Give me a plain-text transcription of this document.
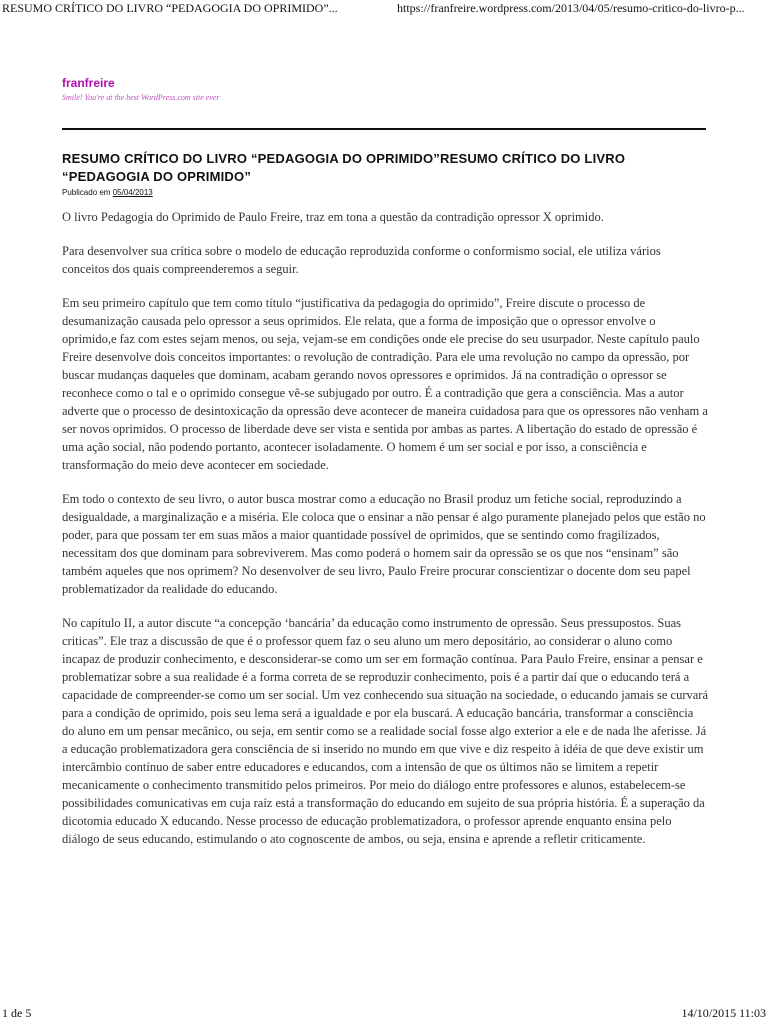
RESUMO CRÍTICO DO LIVRO “PEDAGOGIA DO OPRIMIDO”...	https://franfreire.wordpress.com/2013/04/05/resumo-critico-do-livro-p...
franfreire
Smile! You're at the best WordPress.com site ever
RESUMO CRÍTICO DO LIVRO “PEDAGOGIA DO OPRIMIDO”RESUMO CRÍTICO DO LIVRO “PEDAGOGIA DO OPRIMIDO”
Publicado em 05/04/2013

O livro Pedagogia do Oprimido de Paulo Freire, traz em tona a questão da contradição opressor X oprimido.

Para desenvolver sua crítica sobre o modelo de educação reproduzida conforme o conformismo social, ele utiliza vários conceitos dos quais compreenderemos a seguir.

Em seu primeiro capítulo que tem como título “justificativa da pedagogia do oprimido”, Freire discute o processo de desumanização causada pelo opressor a seus oprimidos. Ele relata, que a forma de imposição que o opressor envolve o oprimido,e faz com estes sejam menos, ou seja, vejam-se em condições onde ele precise do seu usurpador. Neste capítulo paulo Freire desenvolve dois conceitos importantes: o revolução de contradição. Para ele uma revolução no campo da opressão, por buscar mudanças daqueles que dominam, acabam gerando novos opressores e oprimidos. Já na contradição o opressor se reconhece como o tal e o oprimido consegue vê-se subjugado por outro. É a contradição que gera a consciência. Mas a autor adverte que o processo de desintoxicação da opressão deve acontecer de maneira cuidadosa para que os opressores não venham a ser novos oprimidos. O processo de liberdade deve ser vista e sentida por ambas as partes. A libertação do estado de opressão é uma ação social, não podendo portanto, acontecer isoladamente. O homem é um ser social e por isso, a consciência e transformação do meio deve acontecer em sociedade.

Em todo o contexto de seu livro, o autor busca mostrar como a educação no Brasil produz um fetiche social, reproduzindo a desigualdade, a marginalização e a miséria. Ele coloca que o ensinar a não pensar é algo puramente planejado pelos que estão no poder, para que possam ter em suas mãos a maior quantidade possível de oprimidos, que se sentindo como fragilizados, necessitam dos que dominam para sobreviverem. Mas como poderá o homem sair da opressão se os que nos “ensinam” são também aqueles que nos oprimem? No desenvolver de seu livro, Paulo Freire procurar conscientizar o docente dom seu papel problematizador da realidade do educando.

No capítulo II, a autor discute “a concepção ‘bancária’ da educação como instrumento de opressão. Seus pressupostos. Suas criticas”. Ele traz a discussão de que é o professor quem faz o seu aluno um mero depositário, ao considerar o aluno como incapaz de produzir conhecimento, e desconsiderar-se como um ser em formação contínua. Para Paulo Freire, ensinar a pensar e problematizar sobre a sua realidade é a forma correta de se reproduzir conhecimento, pois é a partir daí que o educando terá a capacidade de compreender-se como um ser social. Um vez conhecendo sua situação na sociedade, o educando jamais se curvará para a condição de oprimido, pois seu lema será a igualdade e por ela buscará. A educação bancária, transformar a consciência do aluno em um pensar mecânico, ou seja, em sentir como se a realidade social fosse algo exterior a ele e de nada lhe aferisse. Já a educação problematizadora gera consciência de si inserido no mundo em que vive e diz respeito à idéia de que deve existir um intercâmbio contínuo de saber entre educadores e educandos, com a intensão de que os últimos não se limitem a repetir mecanicamente o conhecimento transmitido pelos primeiros. Por meio do diálogo entre professores e alunos, estabelecem-se possibilidades comunicativas em cuja raíz está a transformação do educando em sujeito de sua própria história. É a superação da dicotomia educado X educando. Nesse processo de educação problematizadora, o professor aprende enquanto ensina pelo diálogo de seus educando, estimulando o ato cognoscente de ambos, ou seja, ensina e aprende a refletir criticamente.

1 de 5	14/10/2015 11:03
